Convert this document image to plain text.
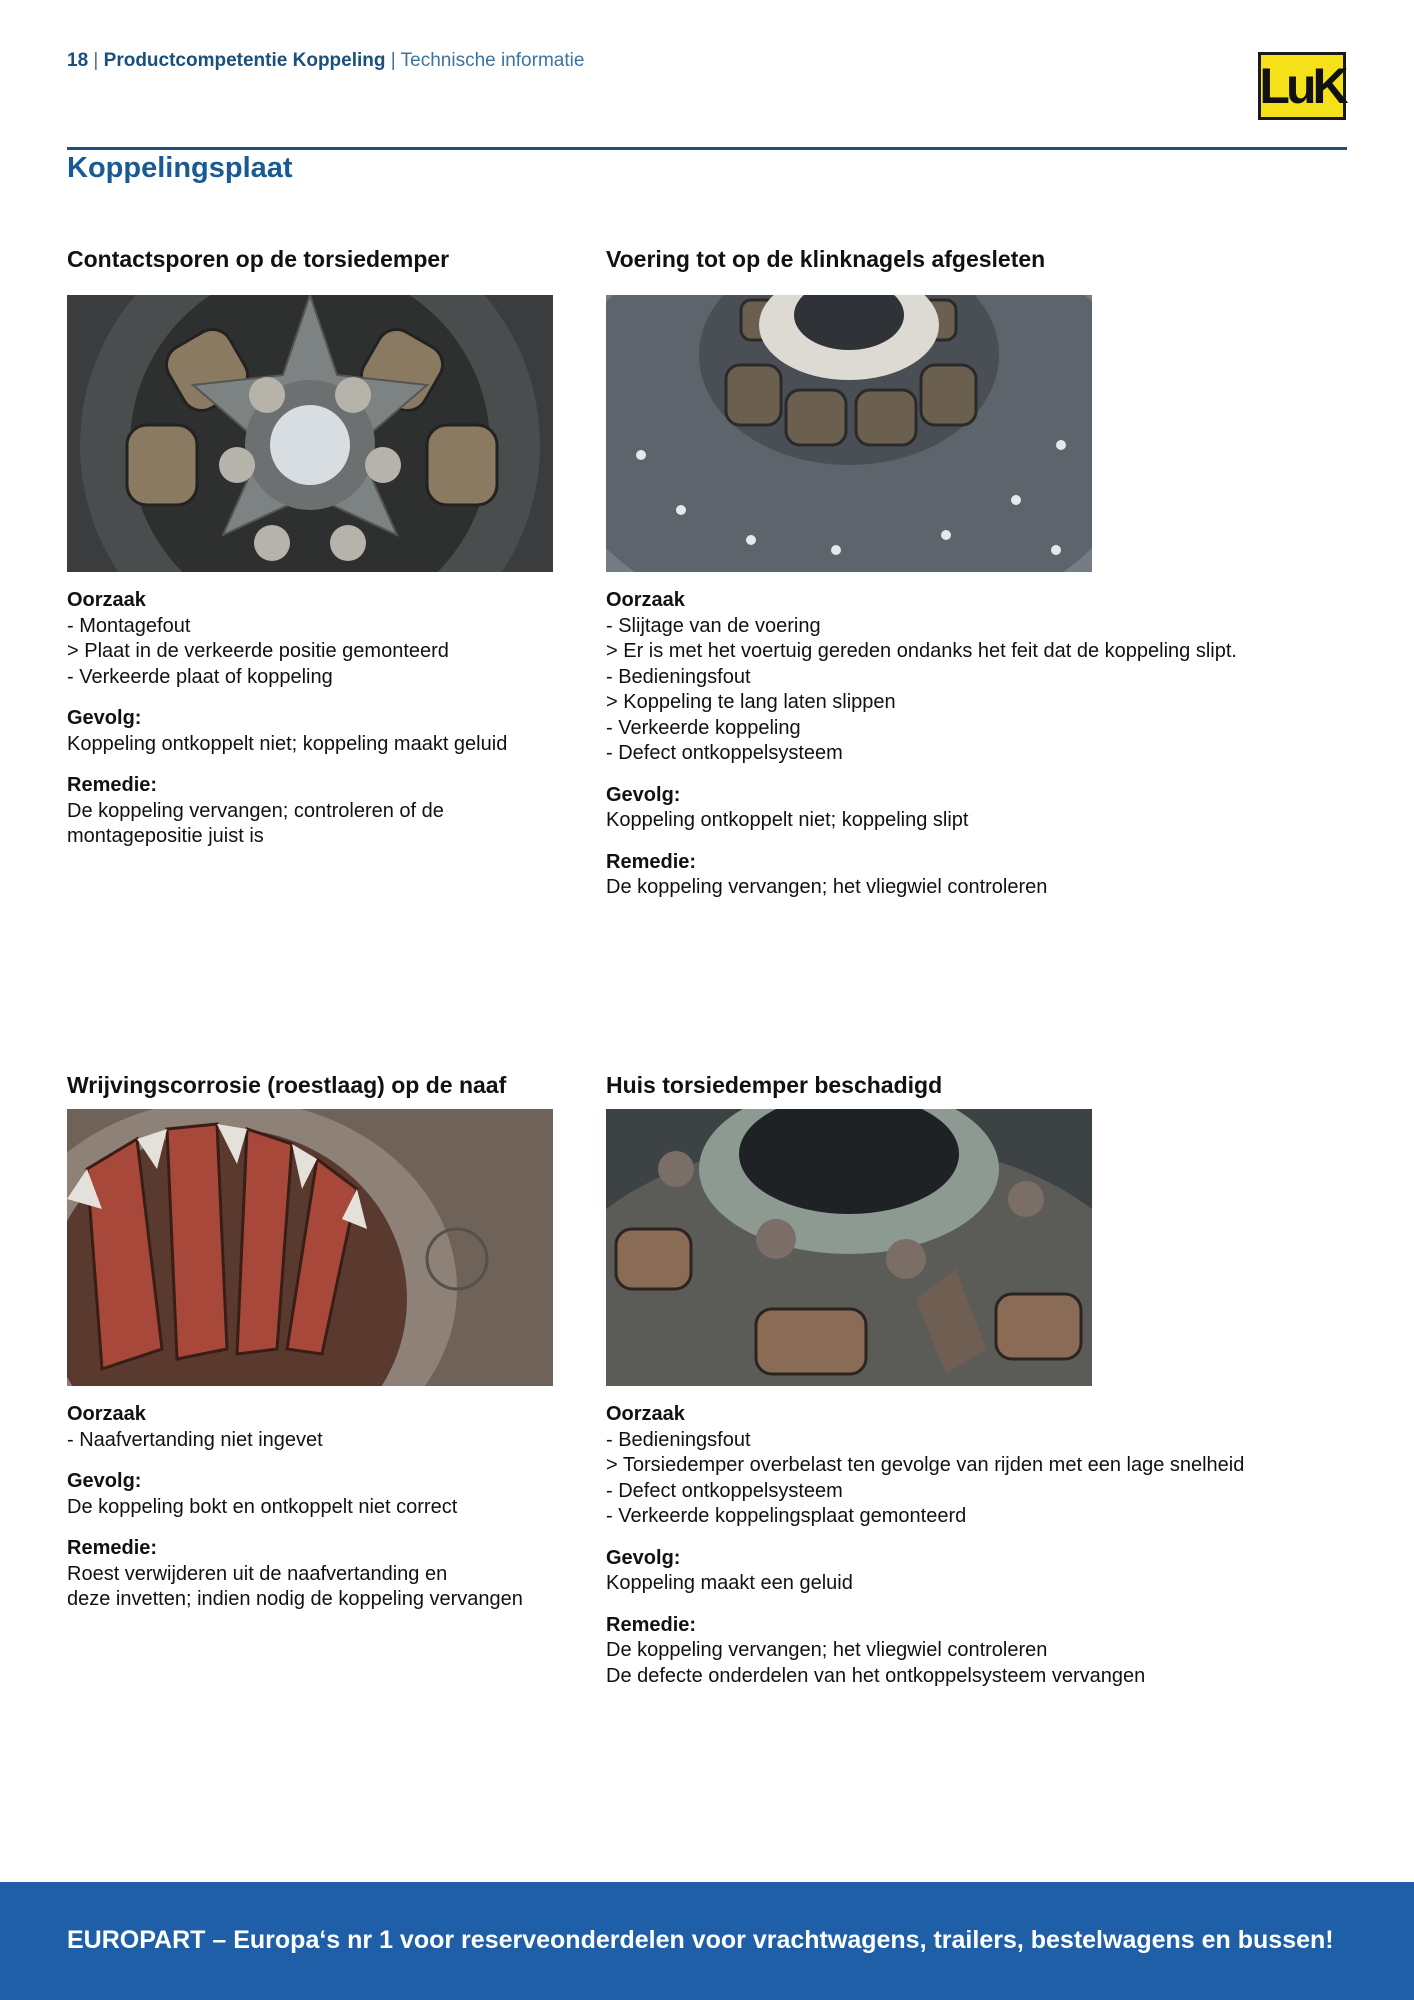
18 | Productcompetentie Koppeling | Technische informatie	LuK
Koppelingsplaat
Contactsporen op de torsiedemper
Oorzaak
- Montagefout
> Plaat in de verkeerde positie gemonteerd
- Verkeerde plaat of koppeling
Gevolg:
Koppeling ontkoppelt niet; koppeling maakt geluid
Remedie:
De koppeling vervangen; controleren of de
montagepositie juist is
Voering tot op de klinknagels afgesleten
Oorzaak
- Slijtage van de voering
> Er is met het voertuig gereden ondanks het feit dat de koppeling slipt.
- Bedieningsfout
> Koppeling te lang laten slippen
- Verkeerde koppeling
- Defect ontkoppelsysteem
Gevolg:
Koppeling ontkoppelt niet; koppeling slipt
Remedie:
De koppeling vervangen; het vliegwiel controleren
Wrijvingscorrosie (roestlaag) op de naaf
Oorzaak
- Naafvertanding niet ingevet
Gevolg:
De koppeling bokt en ontkoppelt niet correct
Remedie:
Roest verwijderen uit de naafvertanding en
deze invetten; indien nodig de koppeling vervangen
Huis torsiedemper beschadigd
Oorzaak
- Bedieningsfout
> Torsiedemper overbelast ten gevolge van rijden met een lage snelheid
- Defect ontkoppelsysteem
- Verkeerde koppelingsplaat gemonteerd
Gevolg:
Koppeling maakt een geluid
Remedie:
De koppeling vervangen; het vliegwiel controleren
De defecte onderdelen van het ontkoppelsysteem vervangen
EUROPART – Europa‘s nr 1 voor reserveonderdelen voor vrachtwagens, trailers, bestelwagens en bussen!
